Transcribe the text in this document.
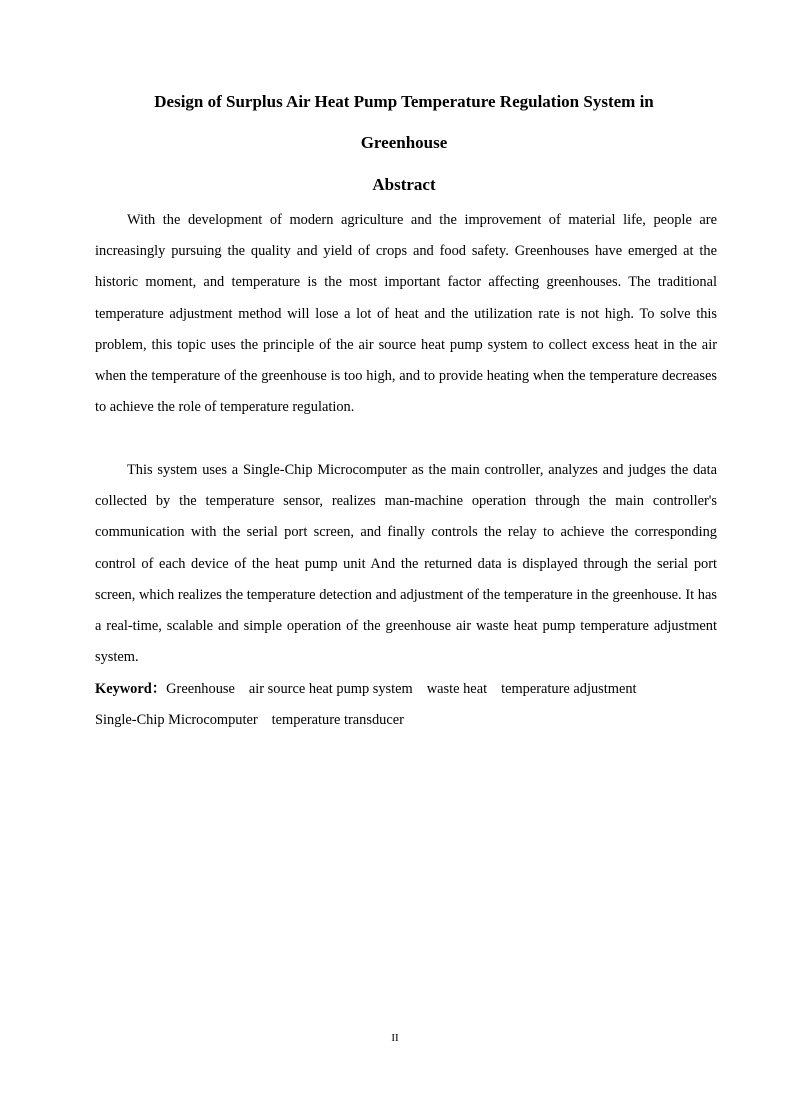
Design of Surplus Air Heat Pump Temperature Regulation System in
Greenhouse
Abstract

With the development of modern agriculture and the improvement of material life, people are increasingly pursuing the quality and yield of crops and food safety. Greenhouses have emerged at the historic moment, and temperature is the most important factor affecting greenhouses. The traditional temperature adjustment method will lose a lot of heat and the utilization rate is not high. To solve this problem, this topic uses the principle of the air source heat pump system to collect excess heat in the air when the temperature of the greenhouse is too high, and to provide heating when the temperature decreases to achieve the role of temperature regulation.

This system uses a Single-Chip Microcomputer as the main controller, analyzes and judges the data collected by the temperature sensor, realizes man-machine operation through the main controller's communication with the serial port screen, and finally controls the relay to achieve the corresponding control of each device of the heat pump unit And the returned data is displayed through the serial port screen, which realizes the temperature detection and adjustment of the temperature in the greenhouse. It has a real-time, scalable and simple operation of the greenhouse air waste heat pump temperature adjustment system.

Keyword：Greenhouse air source heat pump system waste heat temperature adjustment
Single-Chip Microcomputer temperature transducer

II
